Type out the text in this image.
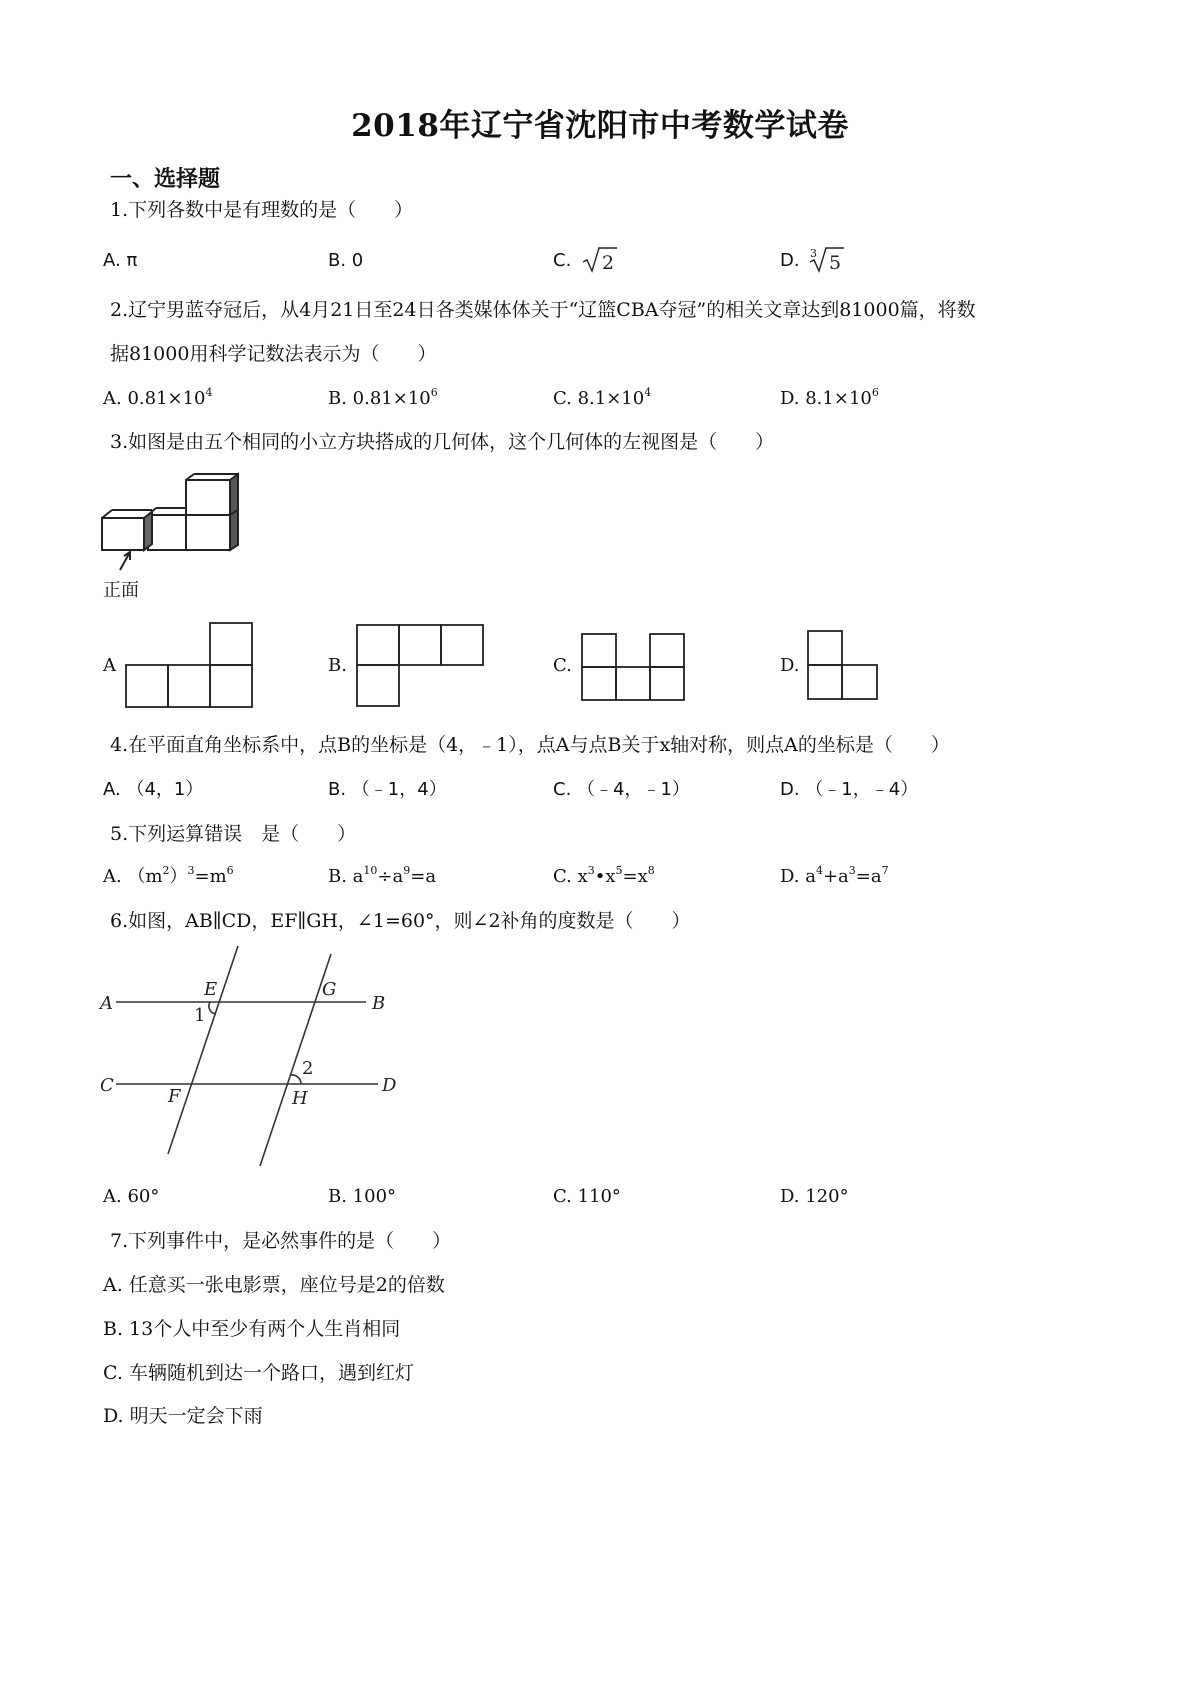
2018年辽宁省沈阳市中考数学试卷
一、选择题
1.下列各数中是有理数的是（　　）
A. π	B. 0	C. 2	D. 3 5
2.辽宁男蓝夺冠后，从4月21日至24日各类媒体体关于“辽篮CBA夺冠”的相关文章达到81000篇，将数
据81000用科学记数法表示为（　　）
A. $0.81\times 10^4$	B. $0.81\times 10^6$	C. $8.1\times 10^4$	D. $8.1\times 10^6$
3.如图是由五个相同的小立方块搭成的几何体，这个几何体的左视图是（　　）
正面
A	B.	C.	D.
4.在平面直角坐标系中，点B的坐标是（4，﹣1），点A与点B关于x轴对称，则点A的坐标是（　　）
A. （4，1）	B. （﹣1，4）	C. （﹣4，﹣1）	D. （﹣1，﹣4）
5.下列运算错误　是（　　）
A. $(m^2)^3=m^6$	B. $a^{10}\div a^9=a$	C. $x^3•x^5=x^8$	D. $a^4+a^3=a^7$
6.如图，AB∥CD，EF∥GH，∠1=60°，则∠2补角的度数是（　　）
A	B
C	D
E
F
G
H
1
2
A. 60°	B. 100°	C. 110°	D. 120°
7.下列事件中，是必然事件的是（　　）
A. 任意买一张电影票，座位号是2的倍数
B. 13个人中至少有两个人生肖相同
C. 车辆随机到达一个路口，遇到红灯
D. 明天一定会下雨
